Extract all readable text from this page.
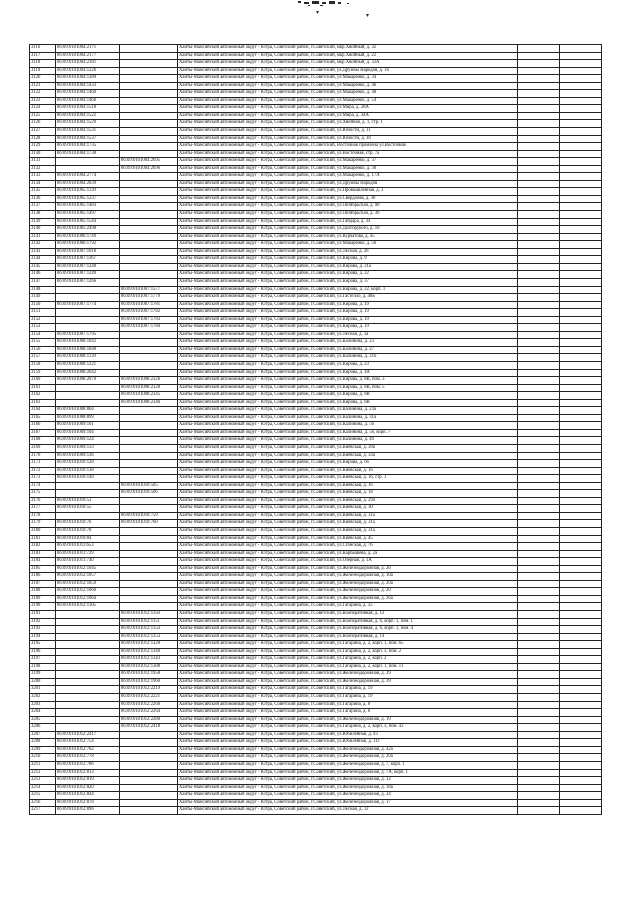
3116	86:09:0101004:2171		Ханты-Мансийский автономный округ - Югра, Советский район, г.Советский, мкр.Хвойный, д. 32		
3117	86:09:0101004:2177		Ханты-Мансийский автономный округ - Югра, Советский район, г.Советский, мкр.Хвойный, д. 22		
3118	86:09:0101004:2181		Ханты-Мансийский автономный округ - Югра, Советский район, г.Советский, мкр.Хвойный, д. 32А		
3119	86:09:0101004:1226		Ханты-Мансийский автономный округ - Югра, Советский район, г.Советский, ул.Дружбы Народов, д. 16		
3120	86:09:0101004:1389		Ханты-Мансийский автономный округ - Югра, Советский район, г.Советский, ул.Макаренко, д. 34		
3121	86:09:0101004:1433		Ханты-Мансийский автономный округ - Югра, Советский район, г.Советский, ул.Макаренко, д. 46		
3122	86:09:0101004:1460		Ханты-Мансийский автономный округ - Югра, Советский район, г.Советский, ул.Макаренко, д. 48		
3123	86:09:0101004:1466		Ханты-Мансийский автономный округ - Югра, Советский район, г.Советский, ул.Макаренко, д. 54		
3124	86:09:0101004:1518		Ханты-Мансийский автономный округ - Югра, Советский район, г.Советский, ул.Мира, д. 28А		
3125	86:09:0101004:1522		Ханты-Мансийский автономный округ - Югра, Советский район, г.Советский, ул.Мира, д. 34А		
3126	86:09:0101004:1529		Ханты-Мансийский автономный округ - Югра, Советский район, г.Советский, ул.Хвойная, д. 1, стр. 1		
3127	86:09:0101004:1531		Ханты-Мансийский автономный округ - Югра, Советский район, г.Советский, ул.Юности, д. 11		
3128	86:09:0101004:1537		Ханты-Мансийский автономный округ - Югра, Советский район, г.Советский, ул.Юности, д. 18		
3129	86:09:0101004:1735		Ханты-Мансийский автономный округ - Югра, Советский район, г.Советский, Восточная промзона ул.Восточная		
3130	86:09:0101004:1738		Ханты-Мансийский автономный округ - Югра, Советский район, г.Советский, ул.Восточная, стр. 7а		
3131		86:09:0101004:2695	Ханты-Мансийский автономный округ - Югра, Советский район, г.Советский, ул.Макаренко, д. 37		
3132		86:09:0101004:2696	Ханты-Мансийский автономный округ - Югра, Советский район, г.Советский, ул.Макаренко, д. 30		
3133	86:09:0101004:2774		Ханты-Мансийский автономный округ - Югра, Советский район, г.Советский, ул.Макаренко, д. 17А		
3134	86:09:0101004:2839		Ханты-Мансийский автономный округ - Югра, Советский район, г.Советский, ул.Дружбы Народов		
3135	86:09:0101005:1139		Ханты-Мансийский автономный округ - Югра, Советский район, г.Советский, ул.Промышленная, д. 3		
3136	86:09:0101005:1237		Ханты-Мансийский автономный округ - Югра, Советский район, г.Советский, ул.Свердлова, д. 30		
3137	86:09:0101005:1483		Ханты-Мансийский автономный округ - Югра, Советский район, г.Советский, ул.Октябрьская, д. 90		
3138	86:09:0101005:1497		Ханты-Мансийский автономный округ - Югра, Советский район, г.Советский, ул.Октябрьская, д. 36		
3139	86:09:0101005:1544		Ханты-Мансийский автономный округ - Югра, Советский район, г.Советский, ул.Гайдара, д. 34		
3140	86:09:0101005:2498		Ханты-Мансийский автономный округ - Югра, Советский район, г.Советский, ул.Долгорукого, д. 10		
3141	86:09:0101006:1749		Ханты-Мансийский автономный округ - Югра, Советский район, г.Советский, ул.Курчатова, д. 45		
3142	86:09:0101006:1792		Ханты-Мансийский автономный округ - Югра, Советский район, г.Советский, ул.Макаренко, д. 56		
3143	86:09:0101007:1018		Ханты-Мансийский автономный округ - Югра, Советский район, г.Советский, ул.Лесная, д. 26		
3144	86:09:0101007:1167		Ханты-Мансийский автономный округ - Югра, Советский район, г.Советский, ул.Кирова, д. 9		
3145	86:09:0101007:1248		Ханты-Мансийский автономный округ - Югра, Советский район, г.Советский, ул.Кирова, д. 21а		
3146	86:09:0101007:1249		Ханты-Мансийский автономный округ - Югра, Советский район, г.Советский, ул.Кирова, д. 22		
3147	86:09:0101007:1266		Ханты-Мансийский автономный округ - Югра, Советский район, г.Советский, ул.Кирова, д. 37		
3148		86:09:0101007:1577	Ханты-Мансийский автономный округ - Югра, Советский район, г.Советский, ул.Кирова, д. 22, корп. 1		
3149		86:09:0101007:1779	Ханты-Мансийский автономный округ - Югра, Советский район, г.Советский, ул.Гастелло, д. 40Б		
3150	86:09:0101007:1774	86:09:0101007:1781	Ханты-Мансийский автономный округ - Югра, Советский район, г.Советский, ул.Кирова, д. 19		
3151		86:09:0101007:1782	Ханты-Мансийский автономный округ - Югра, Советский район, г.Советский, ул.Кирова, д. 19		
3152		86:09:0101007:1783	Ханты-Мансийский автономный округ - Югра, Советский район, г.Советский, ул.Кирова, д. 19		
3153		86:09:0101007:1784	Ханты-Мансийский автономный округ - Югра, Советский район, г.Советский, ул.Кирова, д. 19		
3154	86:09:0101007:1795		Ханты-Мансийский автономный округ - Югра, Советский район, г.Советский, ул.Лесная, д. 1а		
3155	86:09:0101008:1042		Ханты-Мансийский автономный округ - Югра, Советский район, г.Советский, ул.Калинина, д. 23		
3156	86:09:0101008:1048		Ханты-Мансийский автономный округ - Югра, Советский район, г.Советский, ул.Калинина, д. 27		
3157	86:09:0101008:1139		Ханты-Мансийский автономный округ - Югра, Советский район, г.Советский, ул.Калинина, д. 21б		
3158	86:09:0101008:1221		Ханты-Мансийский автономный округ - Югра, Советский район, г.Советский, ул.Кирова, д. 23		
3159	86:09:0101008:2042		Ханты-Мансийский автономный округ - Югра, Советский район, г.Советский, ул.Кирова, д. 4А		
3160	86:09:0101008:2070	86:09:0101008:2326	Ханты-Мансийский автономный округ - Югра, Советский район, г.Советский, ул.Кирова, д. 8В, пом. 3		
3161		86:09:0101008:2328	Ханты-Мансийский автономный округ - Югра, Советский район, г.Советский, ул.Кирова, д. 8В, пом. 5		
3162		86:09:0101008:2345	Ханты-Мансийский автономный округ - Югра, Советский район, г.Советский, ул.Кирова, д. 8В		
3163		86:09:0101008:2346	Ханты-Мансийский автономный округ - Югра, Советский район, г.Советский, ул.Кирова, д. 8В		
3164	86:09:0101008:864		Ханты-Мансийский автономный округ - Югра, Советский район, г.Советский, ул.Калинина, д. 23а		
3165	86:09:0101008:899		Ханты-Мансийский автономный округ - Югра, Советский район, г.Советский, ул.Калинина, д. 31а		
3166	86:09:0101009:101		Ханты-Мансийский автономный округ - Югра, Советский район, г.Советский, ул.Калинина, д. 56		
3167	86:09:0101009:104		Ханты-Мансийский автономный округ - Югра, Советский район, г.Советский, ул.Калинина, д. 56, корп. 7		
3168	86:09:0101009:124		Ханты-Мансийский автономный округ - Югра, Советский район, г.Советский, ул.Калинина, д. 49		
3169	86:09:0101009:133		Ханты-Мансийский автономный округ - Югра, Советский район, г.Советский, ул.Киевская, д. 39а		
3170	86:09:0101009:136		Ханты-Мансийский автономный округ - Югра, Советский район, г.Советский, ул.Киевская, д. 33а		
3171	86:09:0101010:128		Ханты-Мансийский автономный округ - Югра, Советский район, г.Советский, ул.Кирова, д. 66		
3172	86:09:0101010:138		Ханты-Мансийский автономный округ - Югра, Советский район, г.Советский, ул.Киевская, д. 16		
3173	86:09:0101010:149		Ханты-Мансийский автономный округ - Югра, Советский район, г.Советский, ул.Киевская, д. 16, стр. 1		
3174		86:09:0101010:505	Ханты-Мансийский автономный округ - Югра, Советский район, г.Советский, ул.Киевская, д. 16		
3175		86:09:0101010:506	Ханты-Мансийский автономный округ - Югра, Советский район, г.Советский, ул.Киевская, д. 18		
3176	86:09:0101010:53		Ханты-Мансийский автономный округ - Югра, Советский район, г.Советский, ул.Киевская, д. 29а		
3177	86:09:0101010:55		Ханты-Мансийский автономный округ - Югра, Советский район, г.Советский, ул.Киевская, д. 30		
3178		86:09:0101010:759	Ханты-Мансийский автономный округ - Югра, Советский район, г.Советский, ул.Киевская, д. 31а		
3179	86:09:0101010:76	86:09:0101010:760	Ханты-Мансийский автономный округ - Югра, Советский район, г.Советский, ул.Киевская, д. 31а		
3180	86:09:0101010:78		Ханты-Мансийский автономный округ - Югра, Советский район, г.Советский, ул.Киевская, д. 31а		
3181	86:09:0101010:84		Ханты-Мансийский автономный округ - Югра, Советский район, г.Советский, ул.Киевская, д. 45		
3182	86:09:0101011:653		Ханты-Мансийский автономный округ - Югра, Советский район, г.Советский, ул.Сгонская, д. 76		
3183	86:09:0101011:729		Ханты-Мансийский автономный округ - Югра, Советский район, г.Советский, ул.Карбышева, д. 2а		
3184	86:09:0101011:740		Ханты-Мансийский автономный округ - Югра, Советский район, г.Советский, ул.Озерная, д. 1А		
3185	86:09:0101012:1045		Ханты-Мансийский автономный округ - Югра, Советский район, г.Советский, ул.Железнодорожная, д. 26		
3186	86:09:0101012:1057		Ханты-Мансийский автономный округ - Югра, Советский район, г.Советский, ул.Железнодорожная, д. 10а		
3187	86:09:0101012:1059		Ханты-Мансийский автономный округ - Югра, Советский район, г.Советский, ул.Железнодорожная, д. 20а		
3188	86:09:0101012:1060		Ханты-Мансийский автономный округ - Югра, Советский район, г.Советский, ул.Железнодорожная, д. 20		
3189	86:09:0101012:1064		Ханты-Мансийский автономный округ - Югра, Советский район, г.Советский, ул.Железнодорожная, д. 26а		
3190	86:09:0101012:1105		Ханты-Мансийский автономный округ - Югра, Советский район, г.Советский, ул.Гагарина, д. 35		
3191		86:09:0101012:1150	Ханты-Мансийский автономный округ - Югра, Советский район, г.Советский, ул.Кооперативная, д. 12		
3192		86:09:0101012:1151	Ханты-Мансийский автономный округ - Югра, Советский район, г.Советский, ул.Кооперативная, д. 6, корп. 1, пом. 1		
3193		86:09:0101012:1154	Ханты-Мансийский автономный округ - Югра, Советский район, г.Советский, ул.Кооперативная, д. 6, корп. 1, пом. 4		
3194		86:09:0101012:1253	Ханты-Мансийский автономный округ - Югра, Советский район, г.Советский, ул.Кооперативная, д. 14		
3195		86:09:0101012:1320	Ханты-Мансийский автономный округ - Югра, Советский район, г.Советский, ул.Гагарина, д. 2, корп. 1, пом. 65		
3196		86:09:0101012:1340	Ханты-Мансийский автономный округ - Югра, Советский район, г.Советский, ул.Гагарина, д. 2, корп. 3, пом. 2		
3197		86:09:0101012:1343	Ханты-Мансийский автономный округ - Югра, Советский район, г.Советский, ул.Гагарина, д. 2, корп. 2		
3198		86:09:0101012:1388	Ханты-Мансийский автономный округ - Югра, Советский район, г.Советский, ул.Гагарина, д. 2, корп. 1, пом. 11		
3199		86:09:0101012:1958	Ханты-Мансийский автономный округ - Югра, Советский район, г.Советский, ул.Железнодорожная, д. 39		
3200		86:09:0101012:1960	Ханты-Мансийский автономный округ - Югра, Советский район, г.Советский, ул.Железнодорожная, д. 39		
3201		86:09:0101012:2219	Ханты-Мансийский автономный округ - Югра, Советский район, г.Советский, ул.Гагарина, д. 19		
3202		86:09:0101012:2221	Ханты-Мансийский автономный округ - Югра, Советский район, г.Советский, ул.Гагарина, д. 19		
3203		86:09:0101012:2260	Ханты-Мансийский автономный округ - Югра, Советский район, г.Советский, ул.Гагарина, д. 8		
3204		86:09:0101012:2264	Ханты-Мансийский автономный округ - Югра, Советский район, г.Советский, ул.Гагарина, д. 8		
3205		86:09:0101012:2280	Ханты-Мансийский автономный округ - Югра, Советский район, г.Советский, ул.Железнодорожная, д. 19		
3206		86:09:0101012:2418	Ханты-Мансийский автономный округ - Югра, Советский район, г.Советский, ул.Гагарина, д. 2, корп. 3, пом. 43		
3207	86:09:0101012:2417		Ханты-Мансийский автономный округ - Югра, Советский район, г.Советский, ул.Юбилейная, д. 93		
3208	86:09:0101012:754		Ханты-Мансийский автономный округ - Югра, Советский район, г.Советский, ул.Юбилейная, д. 11г		
3209	86:09:0101012:762		Ханты-Мансийский автономный округ - Югра, Советский район, г.Советский, ул.Железнодорожная, д. 42а		
3210	86:09:0101012:778		Ханты-Мансийский автономный округ - Югра, Советский район, г.Советский, ул.Железнодорожная, д. 20а		
3211	86:09:0101012:786		Ханты-Мансийский автономный округ - Югра, Советский район, г.Советский, ул.Железнодорожная, д. 7, корп. 1		
3212	86:09:0101012:813		Ханты-Мансийский автономный округ - Югра, Советский район, г.Советский, ул.Железнодорожная, д. 7А, корп. 1		
3213	86:09:0101012:819		Ханты-Мансийский автономный округ - Югра, Советский район, г.Советский, ул.Железнодорожная, д. 12		
3214	86:09:0101012:820		Ханты-Мансийский автономный округ - Югра, Советский район, г.Советский, ул.Железнодорожная, д. 18а		
3215	86:09:0101012:844		Ханты-Мансийский автономный округ - Югра, Советский район, г.Советский, ул.Железнодорожная, д. 34		
3216	86:09:0101012:878		Ханты-Мансийский автономный округ - Югра, Советский район, г.Советский, ул.Железнодорожная, д. 17		
3217	86:09:0101012:896		Ханты-Мансийский автономный округ - Югра, Советский район, г.Советский, ул.Лесная, д. 12		
